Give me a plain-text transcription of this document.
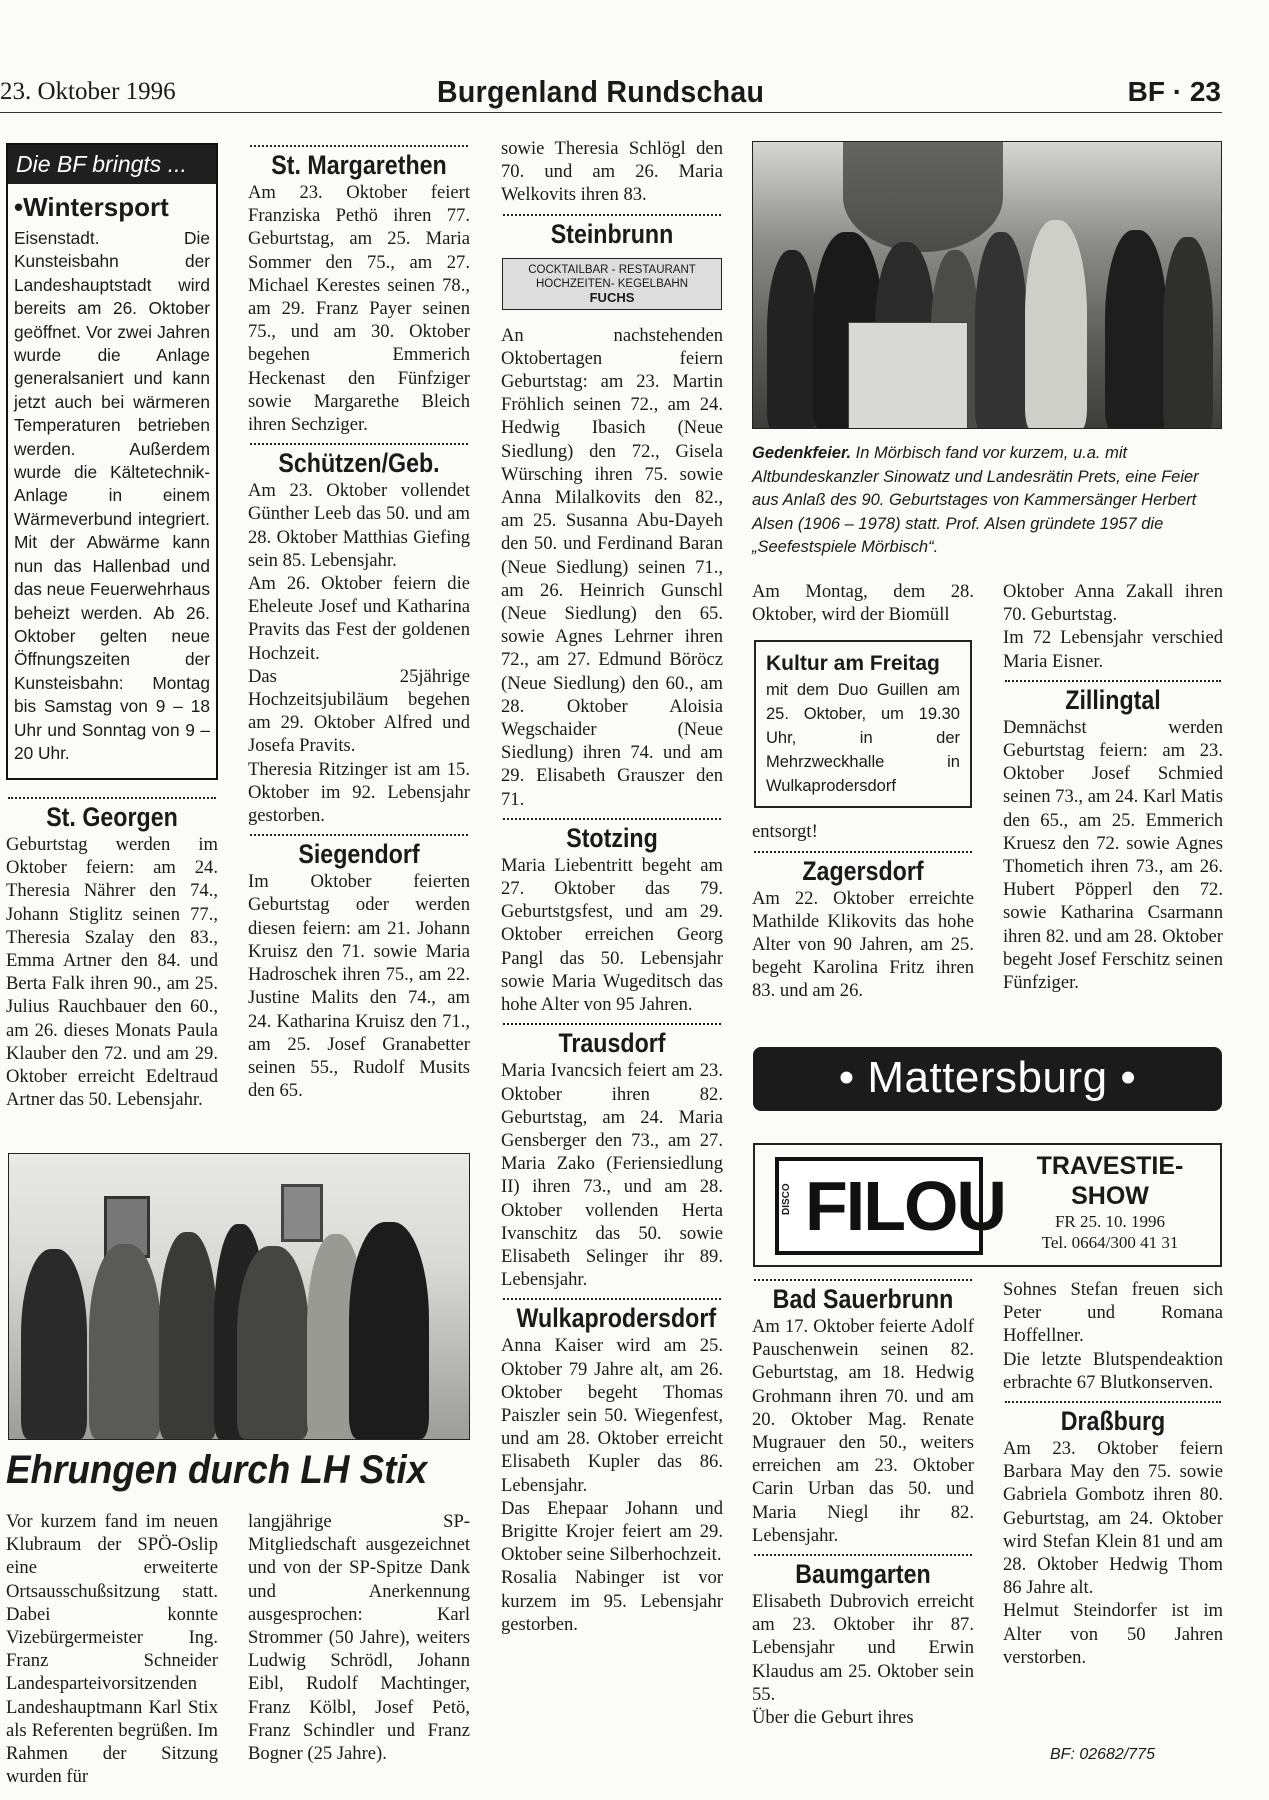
23. Oktober 1996	Burgenland Rundschau	BF · 23
Die BF bringts ...
•Wintersport
Eisenstadt. Die Kunsteisbahn der Landeshauptstadt wird bereits am 26. Oktober geöffnet. Vor zwei Jahren wurde die Anlage generalsaniert und kann jetzt auch bei wärmeren Temperaturen betrieben werden. Außerdem wurde die Kältetechnik-Anlage in einem Wärmeverbund integriert. Mit der Abwärme kann nun das Hallenbad und das neue Feuerwehrhaus beheizt werden. Ab 26. Oktober gelten neue Öffnungszeiten der Kunsteisbahn: Montag bis Samstag von 9 – 18 Uhr und Sonntag von 9 – 20 Uhr.
St. Georgen

Geburtstag werden im Oktober feiern: am 24. Theresia Nährer den 74., Johann Stiglitz seinen 77., Theresia Szalay den 83., Emma Artner den 84. und Berta Falk ihren 90., am 25. Julius Rauchbauer den 60., am 26. dieses Monats Paula Klauber den 72. und am 29. Oktober erreicht Edeltraud Artner das 50. Lebensjahr.

St. Margarethen

Am 23. Oktober feiert Franziska Pethö ihren 77. Geburtstag, am 25. Maria Sommer den 75., am 27. Michael Kerestes seinen 78., am 29. Franz Payer seinen 75., und am 30. Oktober begehen Emmerich Heckenast den Fünfziger sowie Margarethe Bleich ihren Sechziger.

Schützen/Geb.

Am 23. Oktober vollendet Günther Leeb das 50. und am 28. Oktober Matthias Giefing sein 85. Lebensjahr.

Am 26. Oktober feiern die Eheleute Josef und Katharina Pravits das Fest der goldenen Hochzeit.

Das 25jährige Hochzeitsjubiläum begehen am 29. Oktober Alfred und Josefa Pravits.

Theresia Ritzinger ist am 15. Oktober im 92. Lebensjahr gestorben.

Siegendorf

Im Oktober feierten Geburtstag oder werden diesen feiern: am 21. Johann Kruisz den 71. sowie Maria Hadroschek ihren 75., am 22. Justine Malits den 74., am 24. Katharina Kruisz den 71., am 25. Josef Granabetter seinen 55., Rudolf Musits den 65.

Ehrungen durch LH Stix

Vor kurzem fand im neuen Klubraum der SPÖ-Oslip eine erweiterte Ortsausschußsitzung statt. Dabei konnte Vizebürgermeister Ing. Franz Schneider Landesparteivorsitzenden Landeshauptmann Karl Stix als Referenten begrüßen. Im Rahmen der Sitzung wurden für

langjährige SP-Mitgliedschaft ausgezeichnet und von der SP-Spitze Dank und Anerkennung ausgesprochen: Karl Strommer (50 Jahre), weiters Ludwig Schrödl, Johann Eibl, Rudolf Machtinger, Franz Kölbl, Josef Petö, Franz Schindler und Franz Bogner (25 Jahre).

sowie Theresia Schlögl den 70. und am 26. Maria Welkovits ihren 83.

Steinbrunn
COCKTAILBAR - RESTAURANT
HOCHZEITEN- KEGELBAHN
FUCHS

An nachstehenden Oktobertagen feiern Geburtstag: am 23. Martin Fröhlich seinen 72., am 24. Hedwig Ibasich (Neue Siedlung) den 72., Gisela Würsching ihren 75. sowie Anna Milalkovits den 82., am 25. Susanna Abu-Dayeh den 50. und Ferdinand Baran (Neue Siedlung) seinen 71., am 26. Heinrich Gunschl (Neue Siedlung) den 65. sowie Agnes Lehrner ihren 72., am 27. Edmund Böröcz (Neue Siedlung) den 60., am 28. Oktober Aloisia Wegschaider (Neue Siedlung) ihren 74. und am 29. Elisabeth Grauszer den 71.

Stotzing

Maria Liebentritt begeht am 27. Oktober das 79. Geburtstgsfest, und am 29. Oktober erreichen Georg Pangl das 50. Lebensjahr sowie Maria Wugeditsch das hohe Alter von 95 Jahren.

Trausdorf

Maria Ivancsich feiert am 23. Oktober ihren 82. Geburtstag, am 24. Maria Gensberger den 73., am 27. Maria Zako (Feriensiedlung II) ihren 73., und am 28. Oktober vollenden Herta Ivanschitz das 50. sowie Elisabeth Selinger ihr 89. Lebensjahr.

Wulkaprodersdorf

Anna Kaiser wird am 25. Oktober 79 Jahre alt, am 26. Oktober begeht Thomas Paiszler sein 50. Wiegenfest, und am 28. Oktober erreicht Elisabeth Kupler das 86. Lebensjahr.

Das Ehepaar Johann und Brigitte Krojer feiert am 29. Oktober seine Silberhochzeit.

Rosalia Nabinger ist vor kurzem im 95. Lebensjahr gestorben.

Gedenkfeier. In Mörbisch fand vor kurzem, u.a. mit Altbundeskanzler Sinowatz und Landesrätin Prets, eine Feier aus Anlaß des 90. Geburtstages von Kammersänger Herbert Alsen (1906 – 1978) statt. Prof. Alsen gründete 1957 die „Seefestspiele Mörbisch“.

Am Montag, dem 28. Oktober, wird der Biomüll

Kultur am Freitag
mit dem Duo Guillen am 25. Oktober, um 19.30 Uhr, in der Mehrzweckhalle in Wulkaprodersdorf

entsorgt!

Zagersdorf

Am 22. Oktober erreichte Mathilde Klikovits das hohe Alter von 90 Jahren, am 25. begeht Karolina Fritz ihren 83. und am 26.

Oktober Anna Zakall ihren 70. Geburtstag.

Im 72 Lebensjahr verschied Maria Eisner.

Zillingtal

Demnächst werden Geburtstag feiern: am 23. Oktober Josef Schmied seinen 73., am 24. Karl Matis den 65., am 25. Emmerich Kruesz den 72. sowie Agnes Thometich ihren 73., am 26. Hubert Pöpperl den 72. sowie Katharina Csarmann ihren 82. und am 28. Oktober begeht Josef Ferschitz seinen Fünfziger.

• Mattersburg •
FILOU
DISCO
TRAVESTIE-
SHOW
FR 25. 10. 1996
Tel. 0664/300 41 31
Bad Sauerbrunn

Am 17. Oktober feierte Adolf Pauschenwein seinen 82. Geburtstag, am 18. Hedwig Grohmann ihren 70. und am 20. Oktober Mag. Renate Mugrauer den 50., weiters erreichen am 23. Oktober Carin Urban das 50. und Maria Niegl ihr 82. Lebensjahr.

Baumgarten

Elisabeth Dubrovich erreicht am 23. Oktober ihr 87. Lebensjahr und Erwin Klaudus am 25. Oktober sein 55.

Über die Geburt ihres

Sohnes Stefan freuen sich Peter und Romana Hoffellner.

Die letzte Blutspendeaktion erbrachte 67 Blutkonserven.

Draßburg

Am 23. Oktober feiern Barbara May den 75. sowie Gabriela Gombotz ihren 80. Geburtstag, am 24. Oktober wird Stefan Klein 81 und am 28. Oktober Hedwig Thom 86 Jahre alt.

Helmut Steindorfer ist im Alter von 50 Jahren verstorben.

BF: 02682/775
